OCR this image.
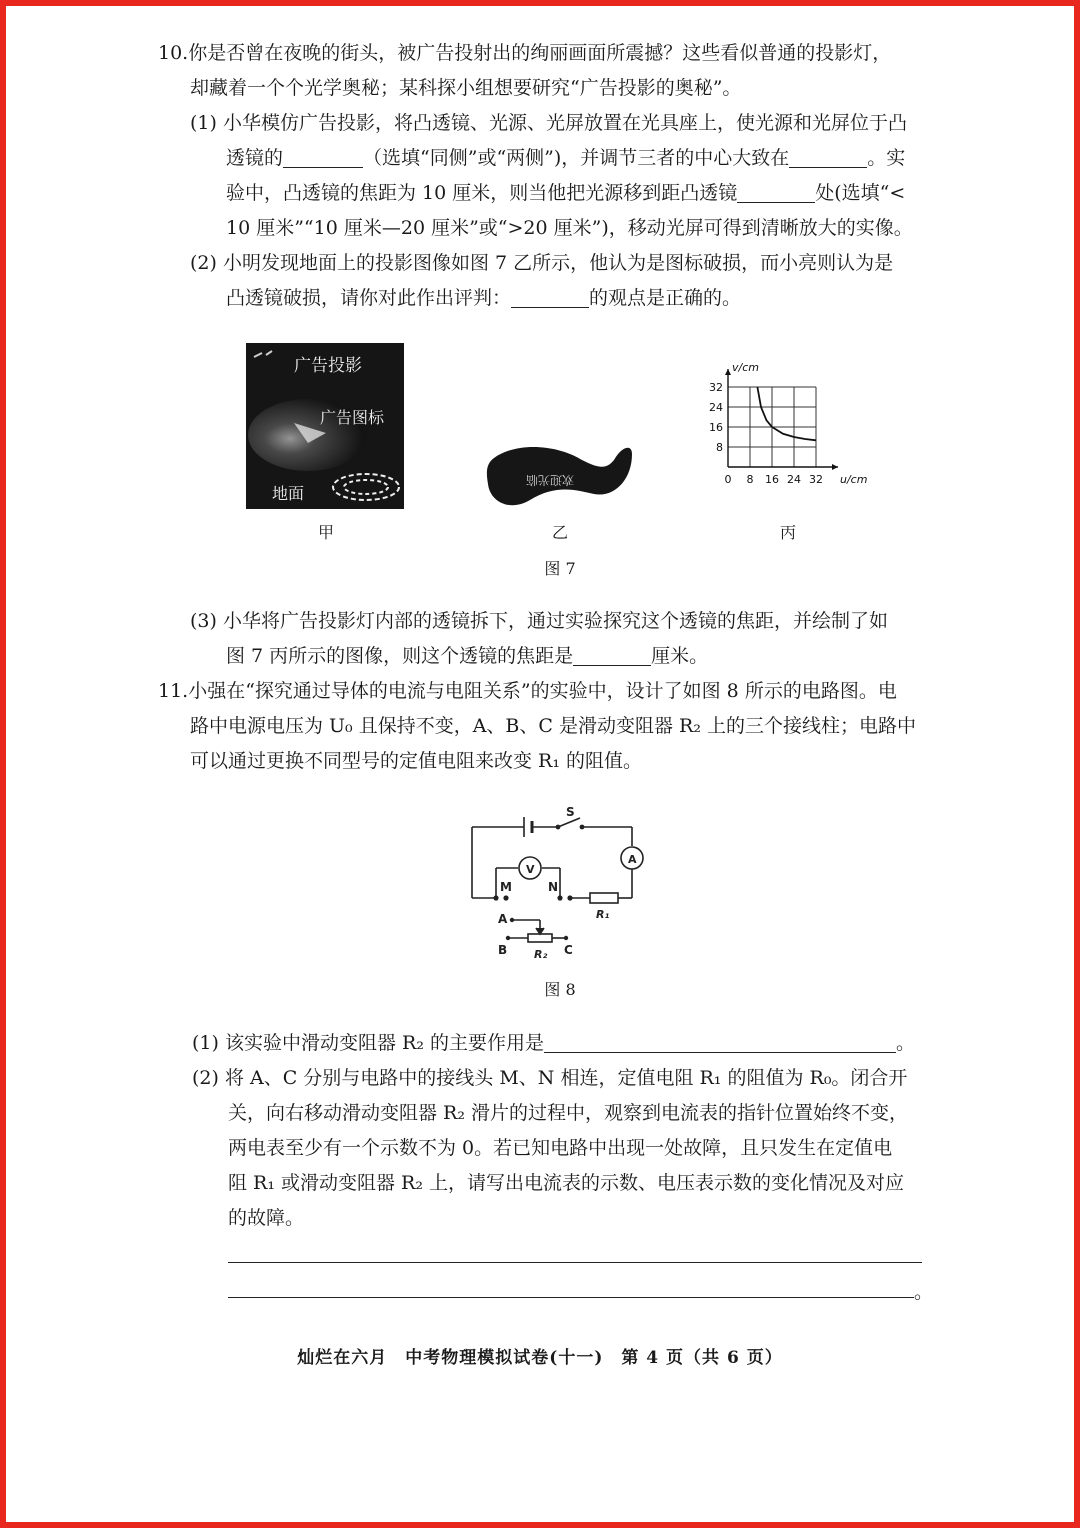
10.你是否曾在夜晚的街头，被广告投射出的绚丽画面所震撼？这些看似普通的投影灯，
却藏着一个个光学奥秘；某科探小组想要研究“广告投影的奥秘”。
(1) 小华模仿广告投影，将凸透镜、光源、光屏放置在光具座上，使光源和光屏位于凸
透镜的	（选填“同侧”或“两侧”)，并调节三者的中心大致在	。实
验中，凸透镜的焦距为 10 厘米，则当他把光源移到距凸透镜	处(选填“<
10 厘米”“10 厘米—20 厘米”或“>20 厘米”)，移动光屏可得到清晰放大的实像。
(2) 小明发现地面上的投影图像如图 7 乙所示，他认为是图标破损，而小亮则认为是
凸透镜破损，请你对此作出评判：	的观点是正确的。
广告投影
广告图标
地面
甲
欢迎光临
乙
0 8 16 24 32
8
16
24
32
u/cm
v/cm
丙
图 7
(3) 小华将广告投影灯内部的透镜拆下，通过实验探究这个透镜的焦距，并绘制了如
图 7 丙所示的图像，则这个透镜的焦距是	厘米。
11.小强在“探究通过导体的电流与电阻关系”的实验中，设计了如图 8 所示的电路图。电
路中电源电压为 U₀ 且保持不变，A、B、C 是滑动变阻器 R₂ 上的三个接线柱；电路中
可以通过更换不同型号的定值电阻来改变 R₁ 的阻值。
S
V
A
M	N
R₁
A
B	C
R₂
图 8
(1) 该实验中滑动变阻器 R₂ 的主要作用是	。
(2) 将 A、C 分别与电路中的接线头 M、N 相连，定值电阻 R₁ 的阻值为 R₀。闭合开
关，向右移动滑动变阻器 R₂ 滑片的过程中，观察到电流表的指针位置始终不变，
两电表至少有一个示数不为 0。若已知电路中出现一处故障，且只发生在定值电
阻 R₁ 或滑动变阻器 R₂ 上，请写出电流表的示数、电压表示数的变化情况及对应
的故障。
。
灿烂在六月　中考物理模拟试卷(十一)　第 4 页（共 6 页）
